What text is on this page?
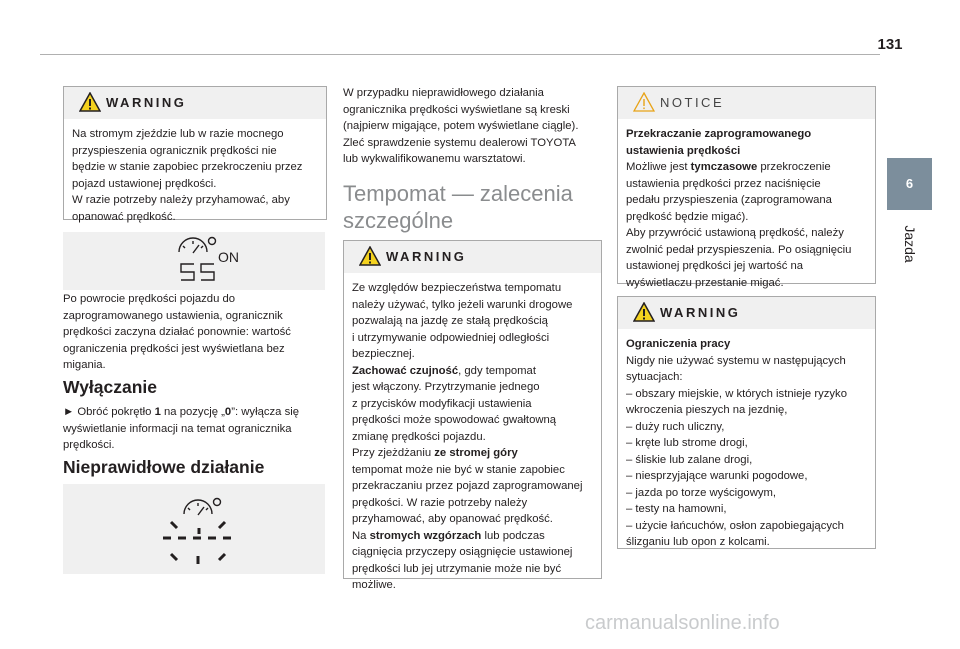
131
6
Jazda
WARNING

Na stromym zjeździe lub w razie mocnego

przyspieszenia ogranicznik prędkości nie

będzie w stanie zapobiec przekroczeniu przez

pojazd ustawionej prędkości.

W razie potrzeby należy przyhamować, aby

opanować prędkość.

ON

Po powrocie prędkości pojazdu do

zaprogramowanego ustawienia, ogranicznik

prędkości zaczyna działać ponownie: wartość

ograniczenia prędkości jest wyświetlana bez

migania.

Wyłączanie

► Obróć pokrętło 1 na pozycję „0”: wyłącza się

wyświetlanie informacji na temat ogranicznika

prędkości.

Nieprawidłowe działanie

W przypadku nieprawidłowego działania

ogranicznika prędkości wyświetlane są kreski

(najpierw migające, potem wyświetlane ciągle).

Zleć sprawdzenie systemu dealerowi TOYOTA

lub wykwalifikowanemu warsztatowi.

Tempomat — zalecenia
szczególne
WARNING

Ze względów bezpieczeństwa tempomatu

należy używać, tylko jeżeli warunki drogowe

pozwalają na jazdę ze stałą prędkością

i utrzymywanie odpowiedniej odległości

bezpiecznej.

Zachować czujność, gdy tempomat

jest włączony. Przytrzymanie jednego

z przycisków modyfikacji ustawienia

prędkości może spowodować gwałtowną

zmianę prędkości pojazdu.

Przy zjeżdżaniu ze stromej góry

tempomat może nie być w stanie zapobiec

przekraczaniu przez pojazd zaprogramowanej

prędkości. W razie potrzeby należy

przyhamować, aby opanować prędkość.

Na stromych wzgórzach lub podczas

ciągnięcia przyczepy osiągnięcie ustawionej

prędkości lub jej utrzymanie może nie być

możliwe.

NOTICE

Przekraczanie zaprogramowanego

ustawienia prędkości

Możliwe jest tymczasowe przekroczenie

ustawienia prędkości przez naciśnięcie

pedału przyspieszenia (zaprogramowana

prędkość będzie migać).

Aby przywrócić ustawioną prędkość, należy

zwolnić pedał przyspieszenia. Po osiągnięciu

ustawionej prędkości jej wartość na

wyświetlaczu przestanie migać.

WARNING

Ograniczenia pracy

Nigdy nie używać systemu w następujących

sytuacjach:

– obszary miejskie, w których istnieje ryzyko

wkroczenia pieszych na jezdnię,

– duży ruch uliczny,

– kręte lub strome drogi,

– śliskie lub zalane drogi,

– niesprzyjające warunki pogodowe,

– jazda po torze wyścigowym,

– testy na hamowni,

– użycie łańcuchów, osłon zapobiegających

ślizganiu lub opon z kolcami.

carmanualsonline.info
